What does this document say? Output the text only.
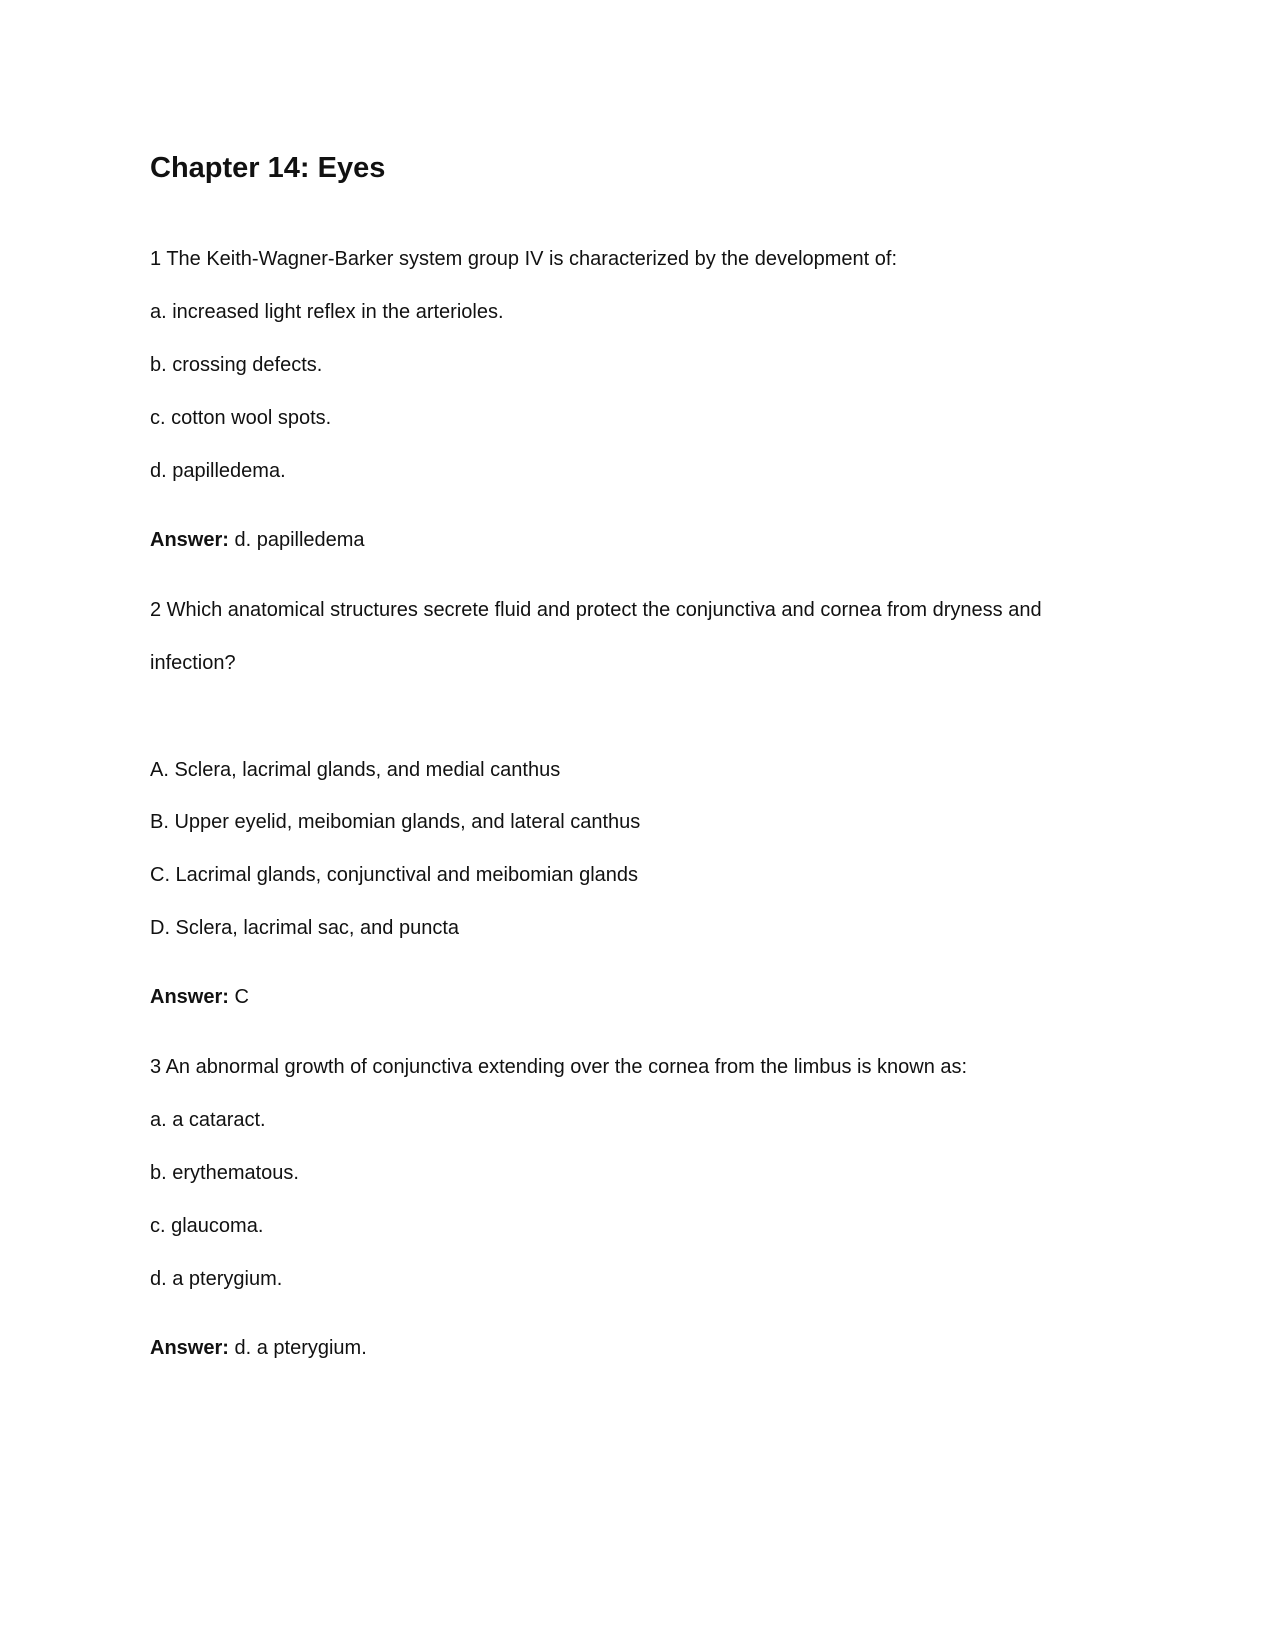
Chapter 14: Eyes
1 The Keith-Wagner-Barker system group IV is characterized by the development of:
a. increased light reflex in the arterioles.
b. crossing defects.
c. cotton wool spots.
d. papilledema.
Answer: d. papilledema
2 Which anatomical structures secrete fluid and protect the conjunctiva and cornea from dryness and
infection?
A. Sclera, lacrimal glands, and medial canthus
B. Upper eyelid, meibomian glands, and lateral canthus
C. Lacrimal glands, conjunctival and meibomian glands
D. Sclera, lacrimal sac, and puncta
Answer: C
3 An abnormal growth of conjunctiva extending over the cornea from the limbus is known as:
a. a cataract.
b. erythematous.
c. glaucoma.
d. a pterygium.
Answer: d. a pterygium.
